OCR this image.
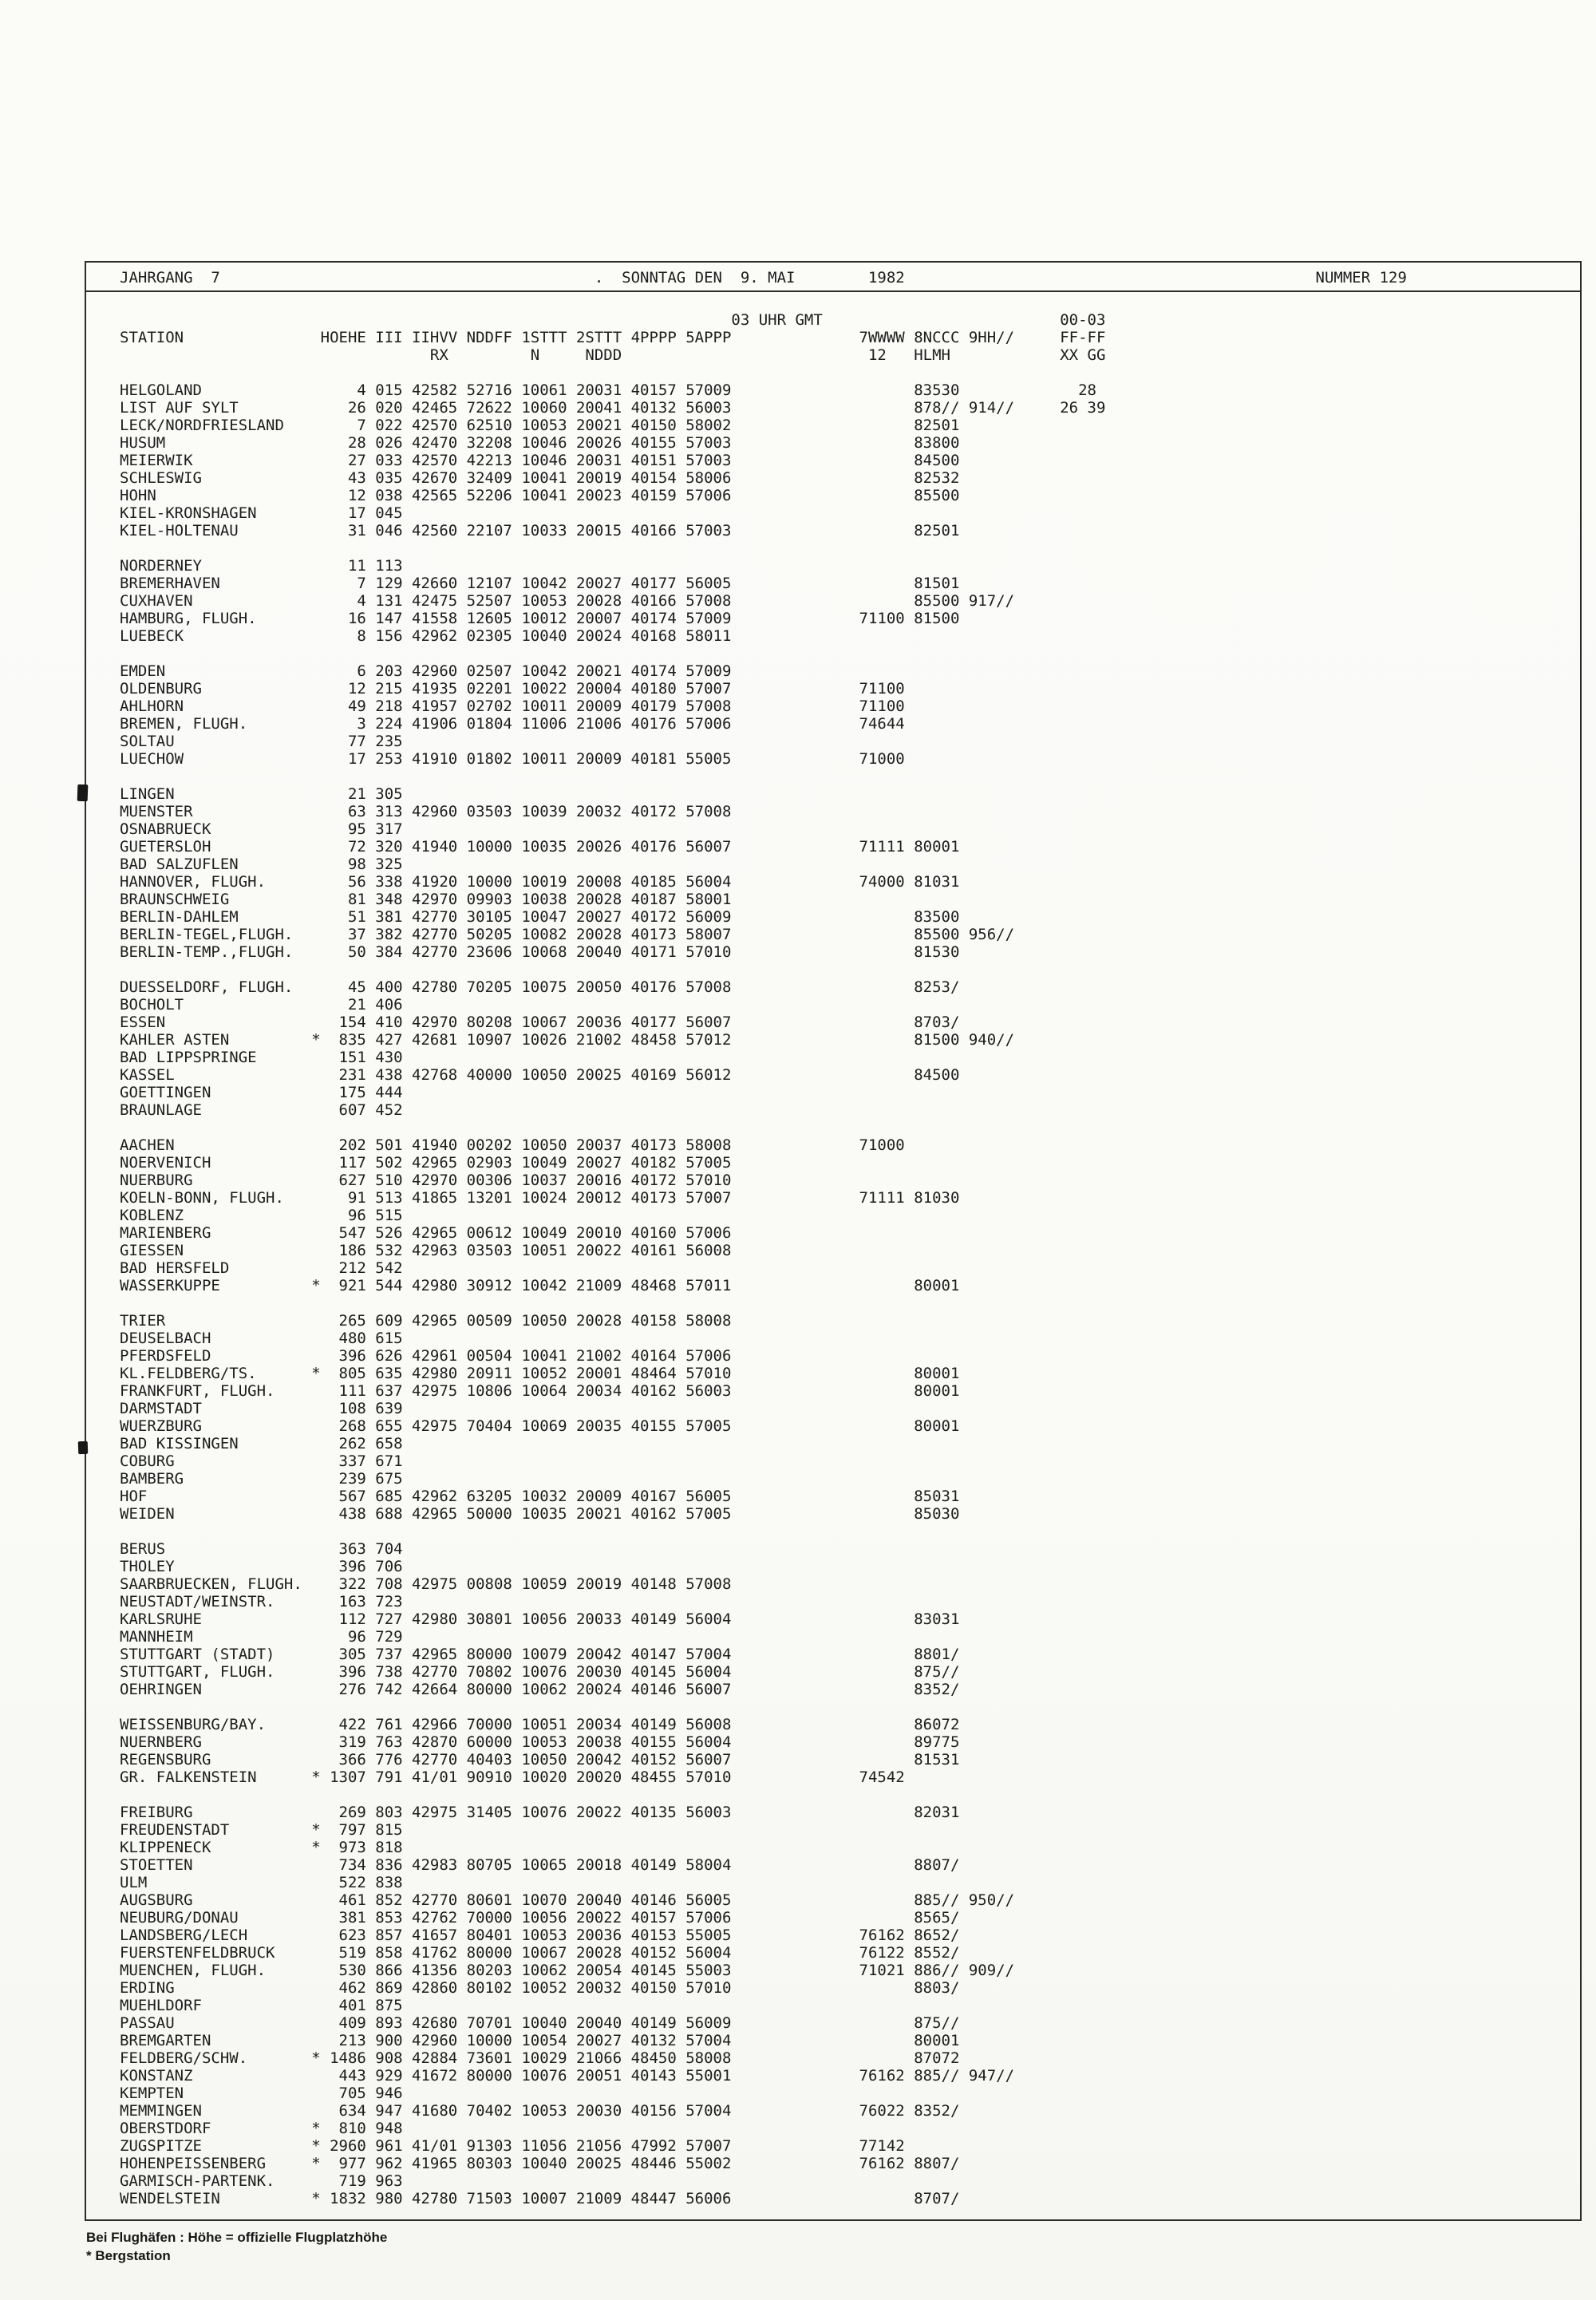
JAHRGANG  7                                         .  SONNTAG DEN  9. MAI        1982                                             NUMMER 129

03 UHR GMT                          00-03
STATION               HOEHE III IIHVV NDDFF 1STTT 2STTT 4PPPP 5APPP              7WWWW 8NCCC 9HH//     FF-FF
RX         N     NDDD                           12   HLMH            XX GG

HELGOLAND                 4 015 42582 52716 10061 20031 40157 57009                    83530             28
LIST AUF SYLT            26 020 42465 72622 10060 20041 40132 56003                    878// 914//     26 39
LECK/NORDFRIESLAND        7 022 42570 62510 10053 20021 40150 58002                    82501
HUSUM                    28 026 42470 32208 10046 20026 40155 57003                    83800
MEIERWIK                 27 033 42570 42213 10046 20031 40151 57003                    84500
SCHLESWIG                43 035 42670 32409 10041 20019 40154 58006                    82532
HOHN                     12 038 42565 52206 10041 20023 40159 57006                    85500
KIEL-KRONSHAGEN          17 045
KIEL-HOLTENAU            31 046 42560 22107 10033 20015 40166 57003                    82501

NORDERNEY                11 113
BREMERHAVEN               7 129 42660 12107 10042 20027 40177 56005                    81501
CUXHAVEN                  4 131 42475 52507 10053 20028 40166 57008                    85500 917//
HAMBURG, FLUGH.          16 147 41558 12605 10012 20007 40174 57009              71100 81500
LUEBECK                   8 156 42962 02305 10040 20024 40168 58011

EMDEN                     6 203 42960 02507 10042 20021 40174 57009
OLDENBURG                12 215 41935 02201 10022 20004 40180 57007              71100
AHLHORN                  49 218 41957 02702 10011 20009 40179 57008              71100
BREMEN, FLUGH.            3 224 41906 01804 11006 21006 40176 57006              74644
SOLTAU                   77 235
LUECHOW                  17 253 41910 01802 10011 20009 40181 55005              71000

LINGEN                   21 305
MUENSTER                 63 313 42960 03503 10039 20032 40172 57008
OSNABRUECK               95 317
GUETERSLOH               72 320 41940 10000 10035 20026 40176 56007              71111 80001
BAD SALZUFLEN            98 325
HANNOVER, FLUGH.         56 338 41920 10000 10019 20008 40185 56004              74000 81031
BRAUNSCHWEIG             81 348 42970 09903 10038 20028 40187 58001
BERLIN-DAHLEM            51 381 42770 30105 10047 20027 40172 56009                    83500
BERLIN-TEGEL,FLUGH.      37 382 42770 50205 10082 20028 40173 58007                    85500 956//
BERLIN-TEMP.,FLUGH.      50 384 42770 23606 10068 20040 40171 57010                    81530

DUESSELDORF, FLUGH.      45 400 42780 70205 10075 20050 40176 57008                    8253/
BOCHOLT                  21 406
ESSEN                   154 410 42970 80208 10067 20036 40177 56007                    8703/
KAHLER ASTEN         *  835 427 42681 10907 10026 21002 48458 57012                    81500 940//
BAD LIPPSPRINGE         151 430
KASSEL                  231 438 42768 40000 10050 20025 40169 56012                    84500
GOETTINGEN              175 444
BRAUNLAGE               607 452

AACHEN                  202 501 41940 00202 10050 20037 40173 58008              71000
NOERVENICH              117 502 42965 02903 10049 20027 40182 57005
NUERBURG                627 510 42970 00306 10037 20016 40172 57010
KOELN-BONN, FLUGH.       91 513 41865 13201 10024 20012 40173 57007              71111 81030
KOBLENZ                  96 515
MARIENBERG              547 526 42965 00612 10049 20010 40160 57006
GIESSEN                 186 532 42963 03503 10051 20022 40161 56008
BAD HERSFELD            212 542
WASSERKUPPE          *  921 544 42980 30912 10042 21009 48468 57011                    80001

TRIER                   265 609 42965 00509 10050 20028 40158 58008
DEUSELBACH              480 615
PFERDSFELD              396 626 42961 00504 10041 21002 40164 57006
KL.FELDBERG/TS.      *  805 635 42980 20911 10052 20001 48464 57010                    80001
FRANKFURT, FLUGH.       111 637 42975 10806 10064 20034 40162 56003                    80001
DARMSTADT               108 639
WUERZBURG               268 655 42975 70404 10069 20035 40155 57005                    80001
BAD KISSINGEN           262 658
COBURG                  337 671
BAMBERG                 239 675
HOF                     567 685 42962 63205 10032 20009 40167 56005                    85031
WEIDEN                  438 688 42965 50000 10035 20021 40162 57005                    85030

BERUS                   363 704
THOLEY                  396 706
SAARBRUECKEN, FLUGH.    322 708 42975 00808 10059 20019 40148 57008
NEUSTADT/WEINSTR.       163 723
KARLSRUHE               112 727 42980 30801 10056 20033 40149 56004                    83031
MANNHEIM                 96 729
STUTTGART (STADT)       305 737 42965 80000 10079 20042 40147 57004                    8801/
STUTTGART, FLUGH.       396 738 42770 70802 10076 20030 40145 56004                    875//
OEHRINGEN               276 742 42664 80000 10062 20024 40146 56007                    8352/

WEISSENBURG/BAY.        422 761 42966 70000 10051 20034 40149 56008                    86072
NUERNBERG               319 763 42870 60000 10053 20038 40155 56004                    89775
REGENSBURG              366 776 42770 40403 10050 20042 40152 56007                    81531
GR. FALKENSTEIN      * 1307 791 41/01 90910 10020 20020 48455 57010              74542

FREIBURG                269 803 42975 31405 10076 20022 40135 56003                    82031
FREUDENSTADT         *  797 815
KLIPPENECK           *  973 818
STOETTEN                734 836 42983 80705 10065 20018 40149 58004                    8807/
ULM                     522 838
AUGSBURG                461 852 42770 80601 10070 20040 40146 56005                    885// 950//
NEUBURG/DONAU           381 853 42762 70000 10056 20022 40157 57006                    8565/
LANDSBERG/LECH          623 857 41657 80401 10053 20036 40153 55005              76162 8652/
FUERSTENFELDBRUCK       519 858 41762 80000 10067 20028 40152 56004              76122 8552/
MUENCHEN, FLUGH.        530 866 41356 80203 10062 20054 40145 55003              71021 886// 909//
ERDING                  462 869 42860 80102 10052 20032 40150 57010                    8803/
MUEHLDORF               401 875
PASSAU                  409 893 42680 70701 10040 20040 40149 56009                    875//
BREMGARTEN              213 900 42960 10000 10054 20027 40132 57004                    80001
FELDBERG/SCHW.       * 1486 908 42884 73601 10029 21066 48450 58008                    87072
KONSTANZ                443 929 41672 80000 10076 20051 40143 55001              76162 885// 947//
KEMPTEN                 705 946
MEMMINGEN               634 947 41680 70402 10053 20030 40156 57004              76022 8352/
OBERSTDORF           *  810 948
ZUGSPITZE            * 2960 961 41/01 91303 11056 21056 47992 57007              77142
HOHENPEISSENBERG     *  977 962 41965 80303 10040 20025 48446 55002              76162 8807/
GARMISCH-PARTENK.       719 963
WENDELSTEIN          * 1832 980 42780 71503 10007 21009 48447 56006                    8707/
Bei Flughäfen : Höhe = offizielle Flugplatzhöhe
* Bergstation
